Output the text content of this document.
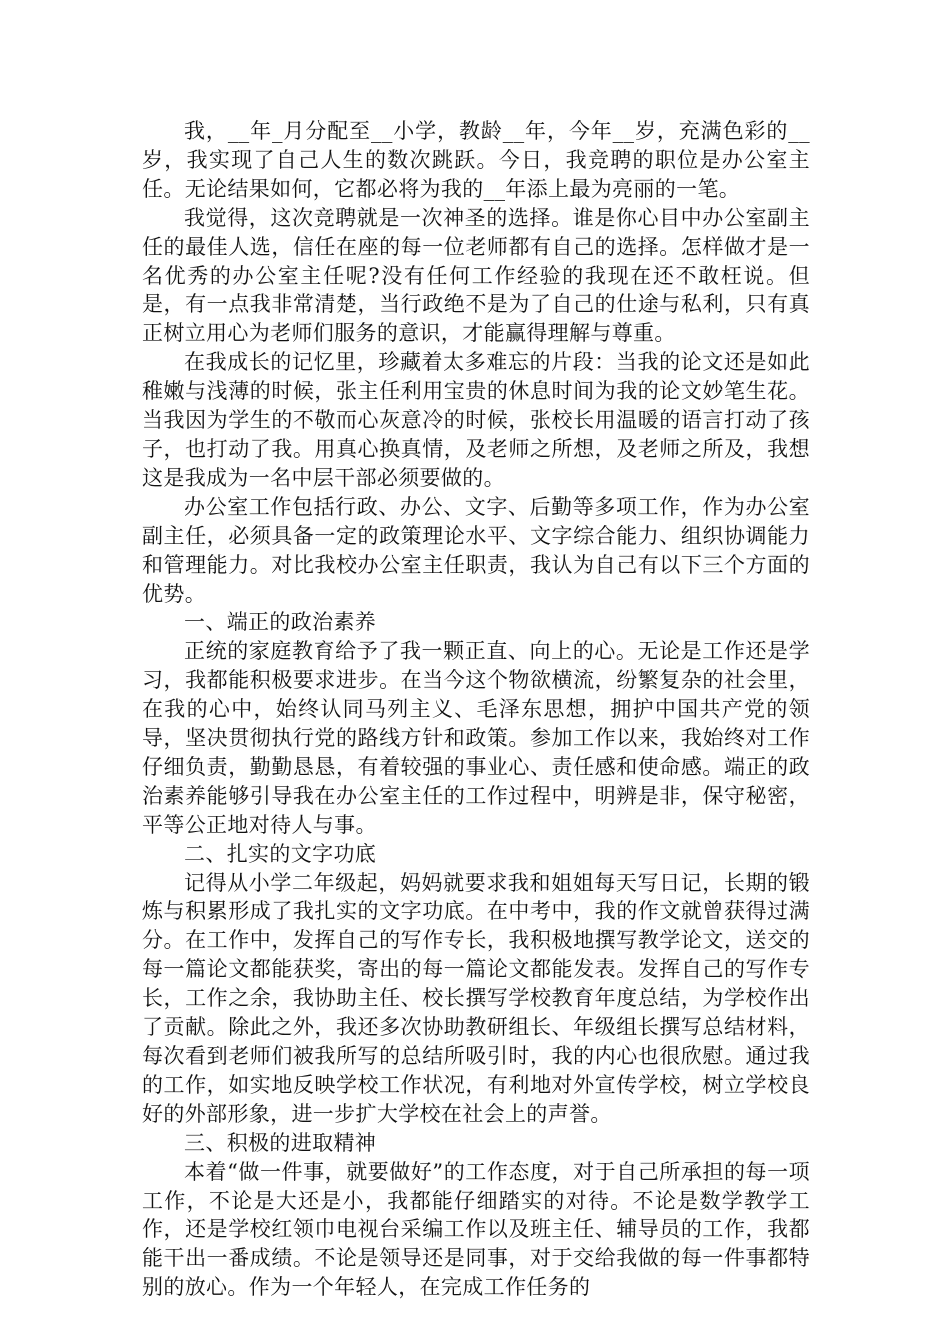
我，__年_月分配至__小学，教龄__年，今年__岁，充满色彩的__岁，我实现了自己人生的数次跳跃。今日，我竞聘的职位是办公室主任。无论结果如何，它都必将为我的__年添上最为亮丽的一笔。

我觉得，这次竞聘就是一次神圣的选择。谁是你心目中办公室副主任的最佳人选，信任在座的每一位老师都有自己的选择。怎样做才是一名优秀的办公室主任呢?没有任何工作经验的我现在还不敢枉说。但是，有一点我非常清楚，当行政绝不是为了自己的仕途与私利，只有真正树立用心为老师们服务的意识，才能赢得理解与尊重。

在我成长的记忆里，珍藏着太多难忘的片段：当我的论文还是如此稚嫩与浅薄的时候，张主任利用宝贵的休息时间为我的论文妙笔生花。当我因为学生的不敬而心灰意冷的时候，张校长用温暖的语言打动了孩子，也打动了我。用真心换真情，及老师之所想，及老师之所及，我想这是我成为一名中层干部必须要做的。

办公室工作包括行政、办公、文字、后勤等多项工作，作为办公室副主任，必须具备一定的政策理论水平、文字综合能力、组织协调能力和管理能力。对比我校办公室主任职责，我认为自己有以下三个方面的优势。

一、端正的政治素养

正统的家庭教育给予了我一颗正直、向上的心。无论是工作还是学习，我都能积极要求进步。在当今这个物欲横流，纷繁复杂的社会里，在我的心中，始终认同马列主义、毛泽东思想，拥护中国共产党的领导，坚决贯彻执行党的路线方针和政策。参加工作以来，我始终对工作仔细负责，勤勤恳恳，有着较强的事业心、责任感和使命感。端正的政治素养能够引导我在办公室主任的工作过程中，明辨是非，保守秘密，平等公正地对待人与事。

二、扎实的文字功底

记得从小学二年级起，妈妈就要求我和姐姐每天写日记，长期的锻炼与积累形成了我扎实的文字功底。在中考中，我的作文就曾获得过满分。在工作中，发挥自己的写作专长，我积极地撰写教学论文，送交的每一篇论文都能获奖，寄出的每一篇论文都能发表。发挥自己的写作专长，工作之余，我协助主任、校长撰写学校教育年度总结，为学校作出了贡献。除此之外，我还多次协助教研组长、年级组长撰写总结材料，每次看到老师们被我所写的总结所吸引时，我的内心也很欣慰。通过我的工作，如实地反映学校工作状况，有利地对外宣传学校，树立学校良好的外部形象，进一步扩大学校在社会上的声誉。

三、积极的进取精神

本着“做一件事，就要做好”的工作态度，对于自己所承担的每一项工作，不论是大还是小，我都能仔细踏实的对待。不论是数学教学工作，还是学校红领巾电视台采编工作以及班主任、辅导员的工作，我都能干出一番成绩。不论是领导还是同事，对于交给我做的每一件事都特别的放心。作为一个年轻人，在完成工作任务的
